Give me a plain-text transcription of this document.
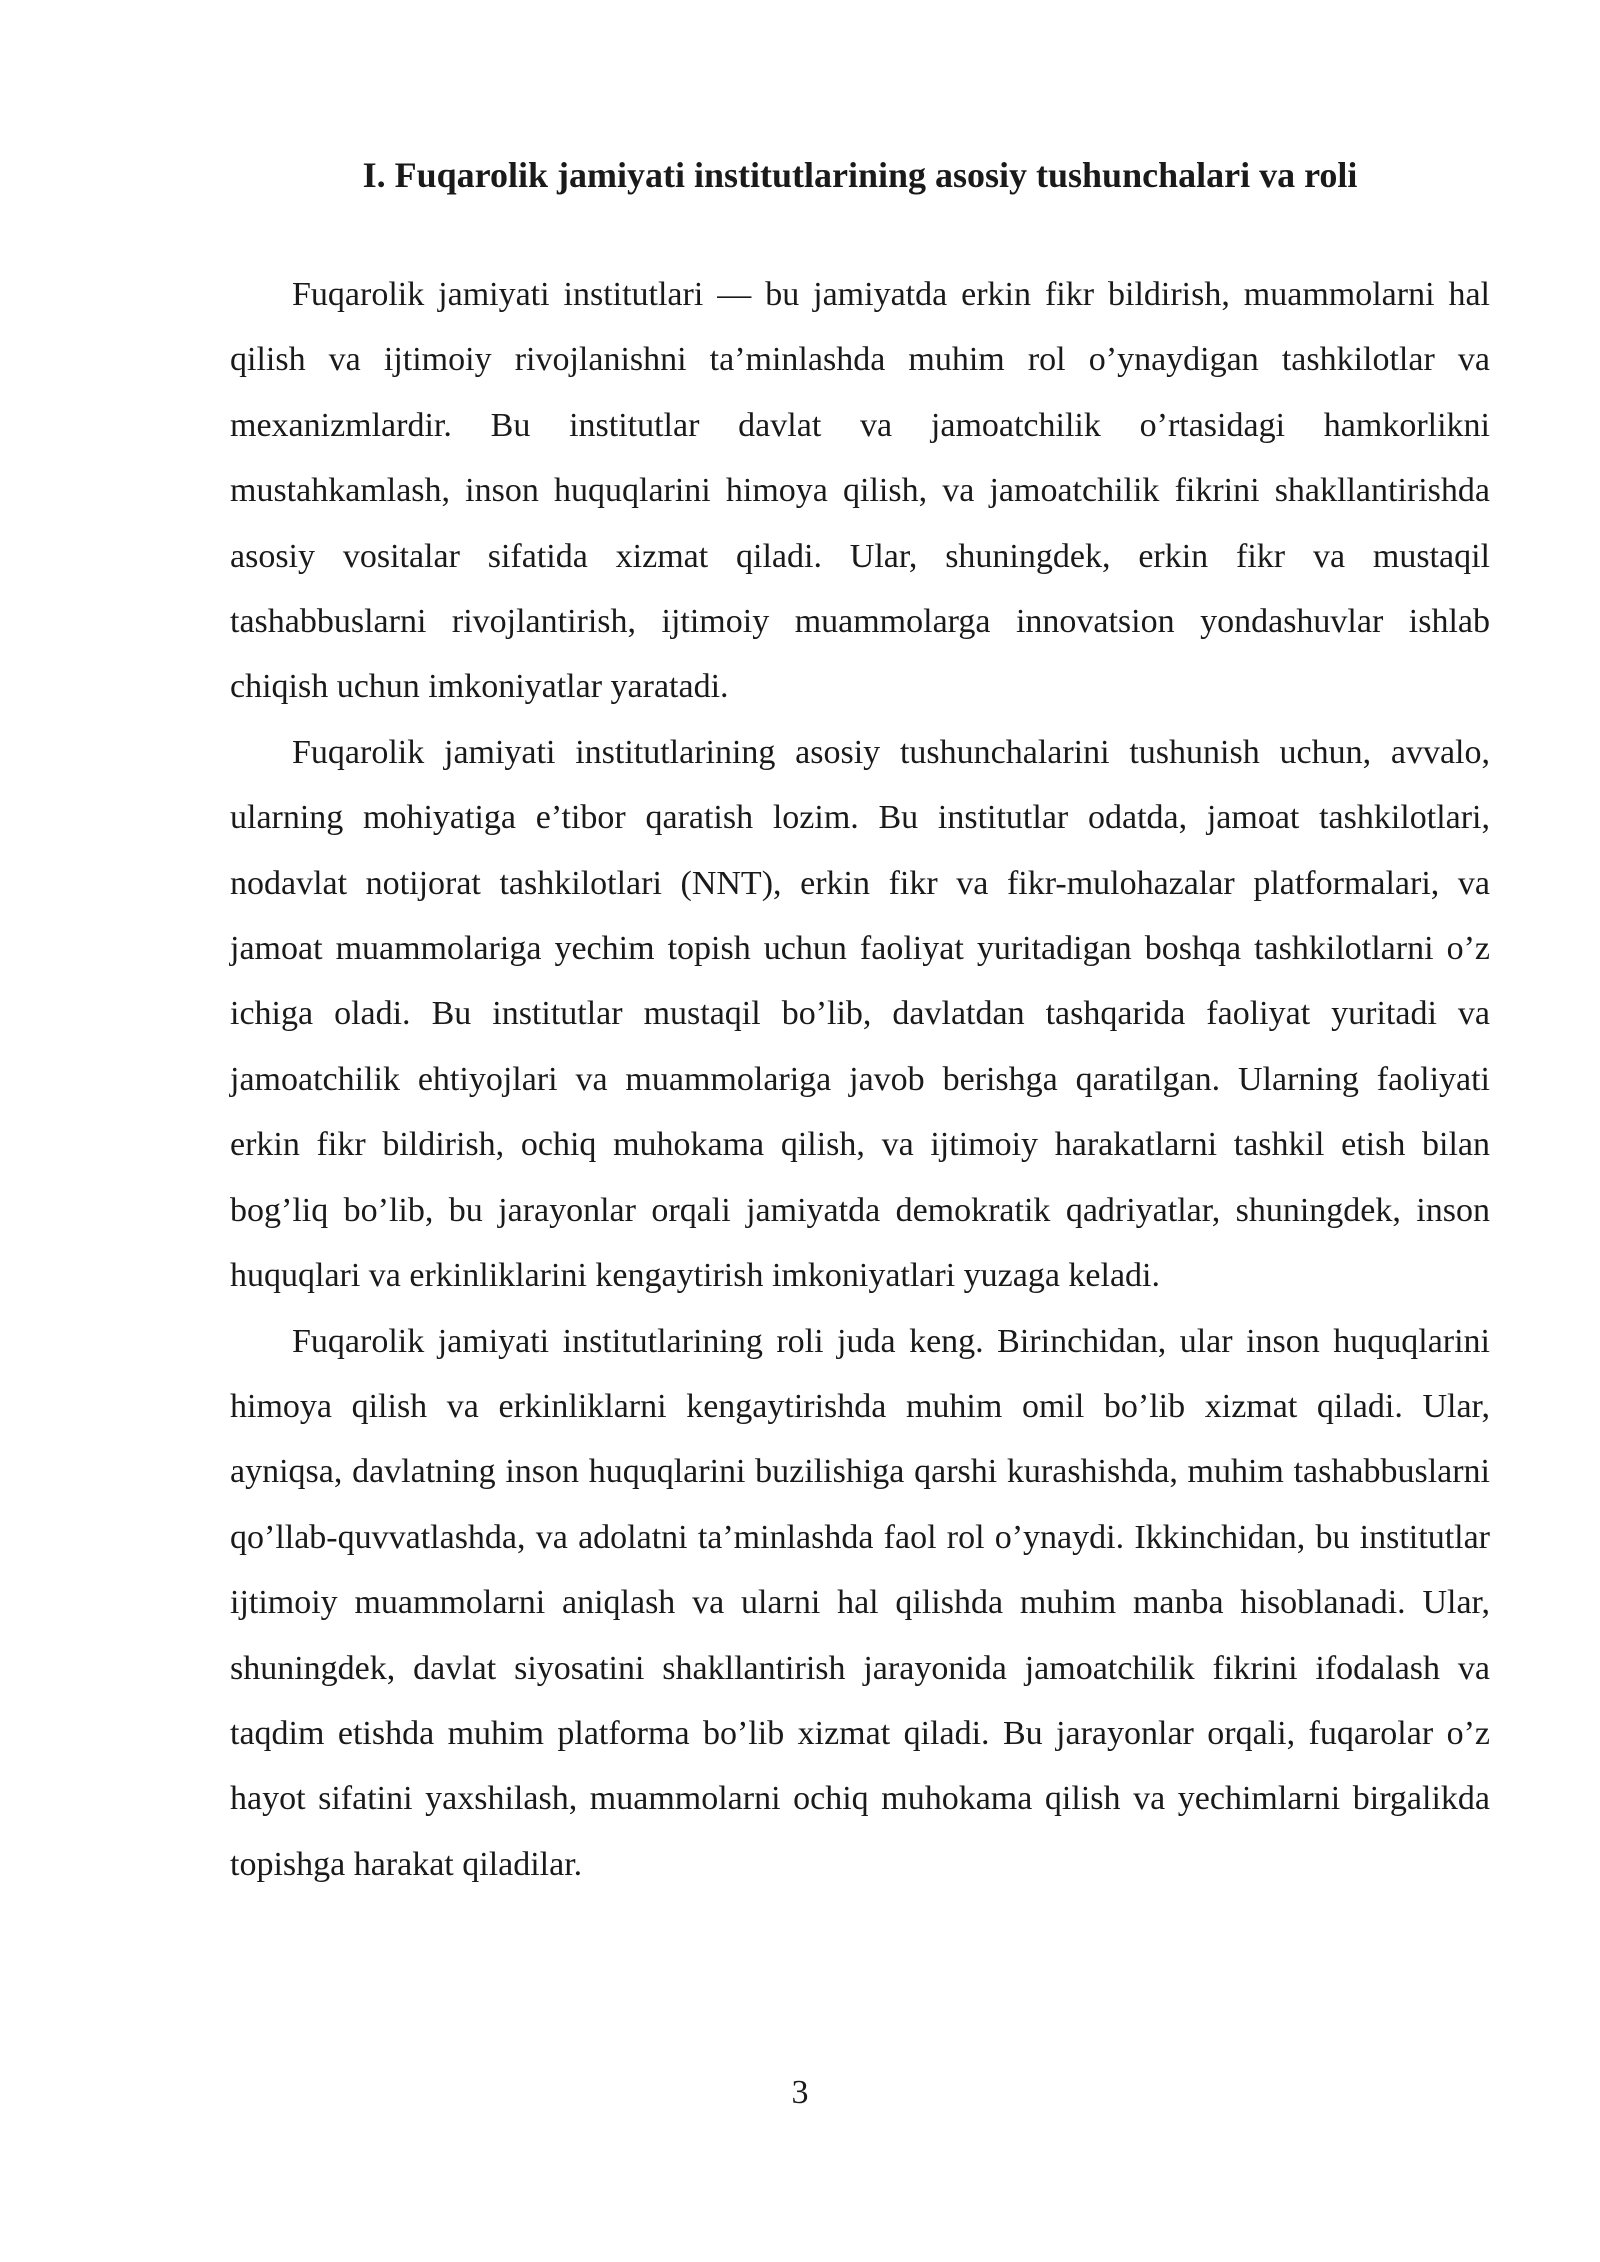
I. Fuqarolik jamiyati institutlarining asosiy tushunchalari va roli

Fuqarolik jamiyati institutlari — bu jamiyatda erkin fikr bildirish, muammolarni hal qilish va ijtimoiy rivojlanishni ta’minlashda muhim rol o’ynaydigan tashkilotlar va mexanizmlardir. Bu institutlar davlat va jamoatchilik o’rtasidagi hamkorlikni mustahkamlash, inson huquqlarini himoya qilish, va jamoatchilik fikrini shakllantirishda asosiy vositalar sifatida xizmat qiladi. Ular, shuningdek, erkin fikr va mustaqil tashabbuslarni rivojlantirish, ijtimoiy muammolarga innovatsion yondashuvlar ishlab chiqish uchun imkoniyatlar yaratadi.

Fuqarolik jamiyati institutlarining asosiy tushunchalarini tushunish uchun, avvalo, ularning mohiyatiga e’tibor qaratish lozim. Bu institutlar odatda, jamoat tashkilotlari, nodavlat notijorat tashkilotlari (NNT), erkin fikr va fikr-mulohazalar platformalari, va jamoat muammolariga yechim topish uchun faoliyat yuritadigan boshqa tashkilotlarni o’z ichiga oladi. Bu institutlar mustaqil bo’lib, davlatdan tashqarida faoliyat yuritadi va jamoatchilik ehtiyojlari va muammolariga javob berishga qaratilgan. Ularning faoliyati erkin fikr bildirish, ochiq muhokama qilish, va ijtimoiy harakatlarni tashkil etish bilan bog’liq bo’lib, bu jarayonlar orqali jamiyatda demokratik qadriyatlar, shuningdek, inson huquqlari va erkinliklarini kengaytirish imkoniyatlari yuzaga keladi.

Fuqarolik jamiyati institutlarining roli juda keng. Birinchidan, ular inson huquqlarini himoya qilish va erkinliklarni kengaytirishda muhim omil bo’lib xizmat qiladi. Ular, ayniqsa, davlatning inson huquqlarini buzilishiga qarshi kurashishda, muhim tashabbuslarni qo’llab-quvvatlashda, va adolatni ta’minlashda faol rol o’ynaydi. Ikkinchidan, bu institutlar ijtimoiy muammolarni aniqlash va ularni hal qilishda muhim manba hisoblanadi. Ular, shuningdek, davlat siyosatini shakllantirish jarayonida jamoatchilik fikrini ifodalash va taqdim etishda muhim platforma bo’lib xizmat qiladi. Bu jarayonlar orqali, fuqarolar o’z hayot sifatini yaxshilash, muammolarni ochiq muhokama qilish va yechimlarni birgalikda topishga harakat qiladilar.

3
